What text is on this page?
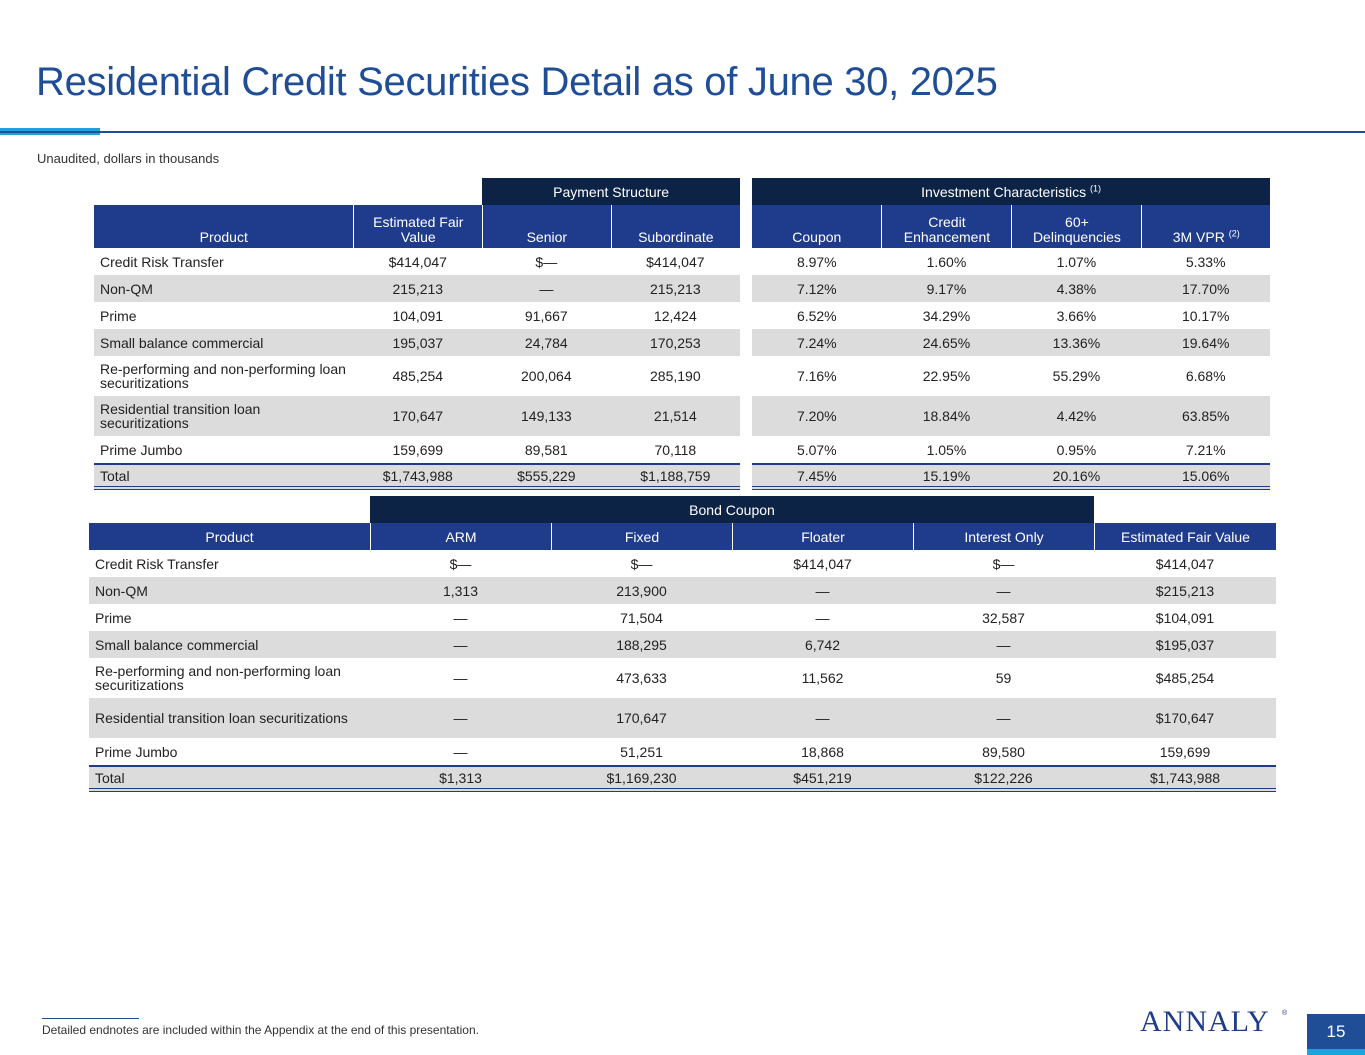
Residential Credit Securities Detail as of June 30, 2025
Unaudited, dollars in thousands
		Payment Structure			Investment Characteristics $^{(1)}$
Product	Estimated Fair Value	Senior	Subordinate		Coupon	Credit Enhancement	60+ Delinquencies	3M VPR $^{(2)}$
Credit Risk Transfer	$414,047	$—	$414,047		8.97%	1.60%	1.07%	5.33%
Non-QM	215,213	—	215,213		7.12%	9.17%	4.38%	17.70%
Prime	104,091	91,667	12,424		6.52%	34.29%	3.66%	10.17%
Small balance commercial	195,037	24,784	170,253		7.24%	24.65%	13.36%	19.64%
Re-performing and non-performing loan securitizations	485,254	200,064	285,190		7.16%	22.95%	55.29%	6.68%
Residential transition loan securitizations	170,647	149,133	21,514		7.20%	18.84%	4.42%	63.85%
Prime Jumbo	159,699	89,581	70,118		5.07%	1.05%	0.95%	7.21%
Total	$1,743,988	$555,229	$1,188,759		7.45%	15.19%	20.16%	15.06%
	Bond Coupon				
Product	ARM	Fixed	Floater	Interest Only	Estimated Fair Value
Credit Risk Transfer	$—	$—	$414,047	$—	$414,047
Non-QM	1,313	213,900	—	—	$215,213
Prime	—	71,504	—	32,587	$104,091
Small balance commercial	—	188,295	6,742	—	$195,037
Re-performing and non-performing loan securitizations	—	473,633	11,562	59	$485,254
Residential transition loan securitizations	—	170,647	—	—	$170,647
Prime Jumbo	—	51,251	18,868	89,580	159,699
Total	$1,313	$1,169,230	$451,219	$122,226	$1,743,988
Detailed endnotes are included within the Appendix at the end of this presentation.	ANNALY ®
15
